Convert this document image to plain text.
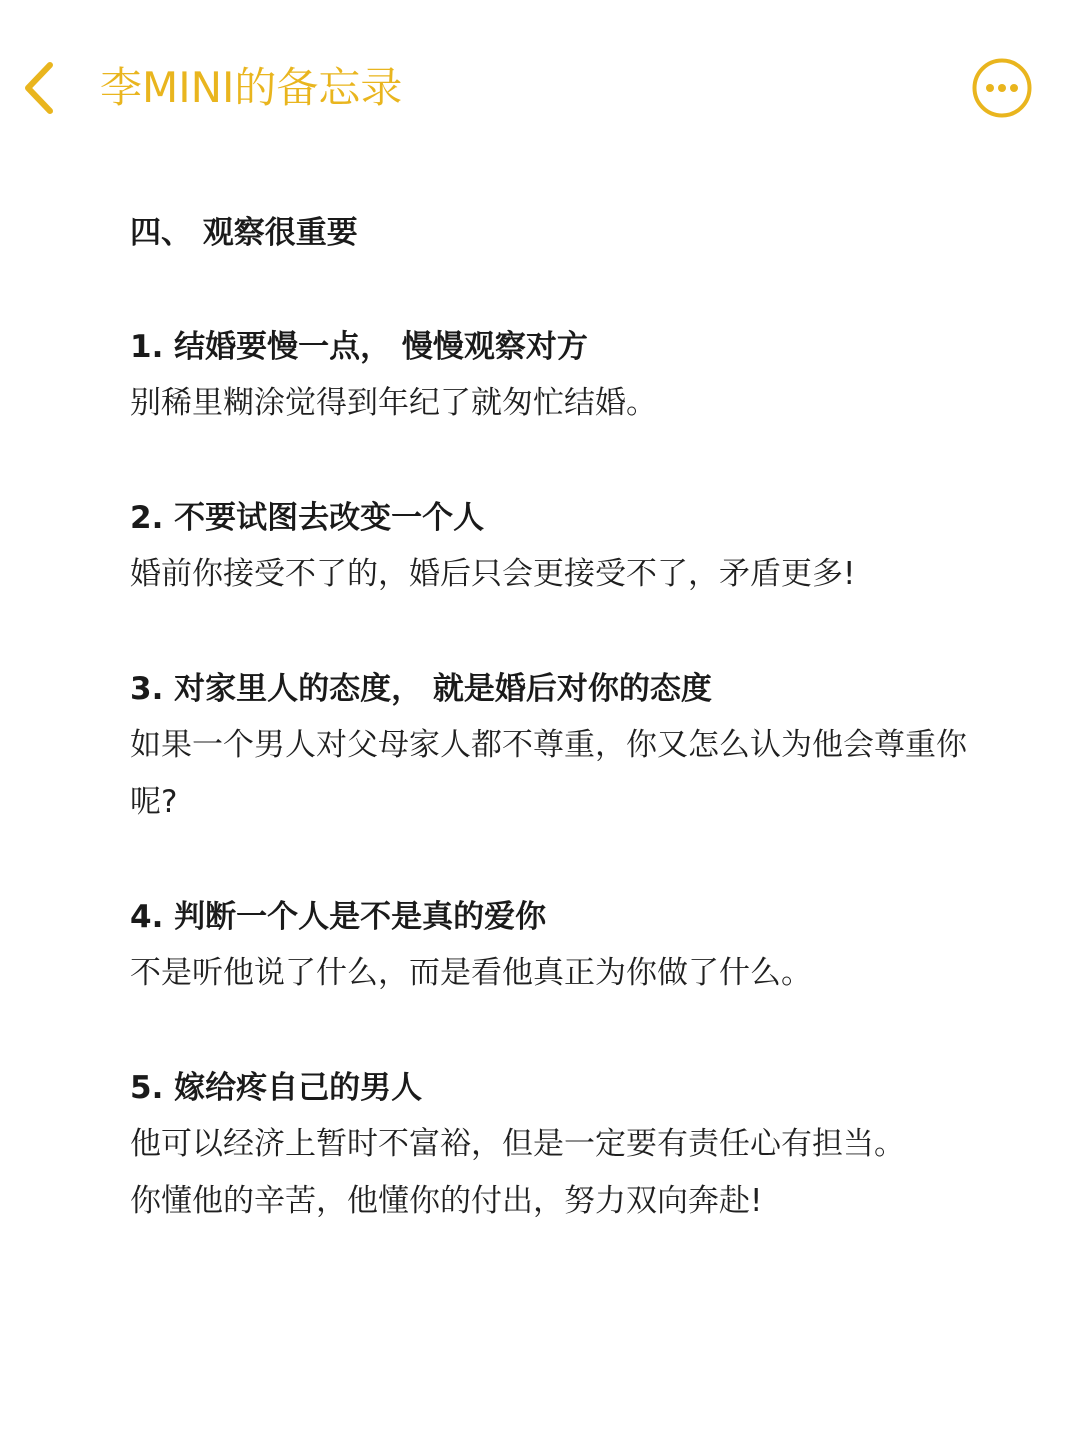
李MINI的备忘录

四、 观察很重要

1. 结婚要慢一点， 慢慢观察对方

别稀里糊涂觉得到年纪了就匆忙结婚。

2. 不要试图去改变一个人

婚前你接受不了的，婚后只会更接受不了，矛盾更多!

3. 对家里人的态度， 就是婚后对你的态度

如果一个男人对父母家人都不尊重，你又怎么认为他会尊重你呢?

4. 判断一个人是不是真的爱你

不是听他说了什么，而是看他真正为你做了什么。

5. 嫁给疼自己的男人

他可以经济上暂时不富裕，但是一定要有责任心有担当。

你懂他的辛苦，他懂你的付出，努力双向奔赴!
